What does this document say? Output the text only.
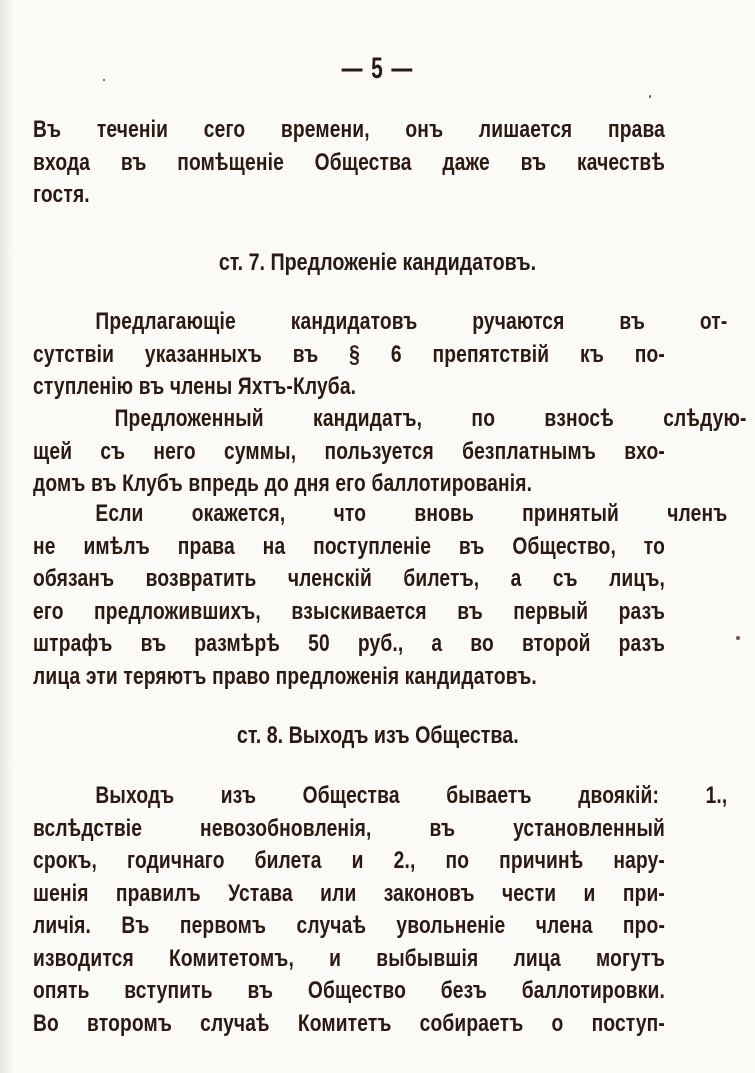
— 5 —
Въ теченіи сего времени, онъ лишается права
входа въ помѣщеніе Общества даже въ качествѣ
гостя.
ст. 7. Предложеніе кандидатовъ.
Предлагающіе кандидатовъ ручаются въ от-
сутствіи указанныхъ въ § 6 препятствій къ по-
ступленію въ члены Яхтъ-Клуба.
Предложенный кандидатъ, по взносѣ слѣдую-
щей съ него суммы, пользуется безплатнымъ вхо-
домъ въ Клубъ впредь до дня его баллотированія.
Если окажется, что вновь принятый членъ
не имѣлъ права на поступленіе въ Общество, то
обязанъ возвратить членскій билетъ, а съ лицъ,
его предложившихъ, взыскивается въ первый разъ
штрафъ въ размѣрѣ 50 руб., а во второй разъ
лица эти теряютъ право предложенія кандидатовъ.
ст. 8. Выходъ изъ Общества.
Выходъ изъ Общества бываетъ двоякій: 1.,
вслѣдствіе невозобновленія, въ установленный
срокъ, годичнаго билета и 2., по причинѣ нару-
шенія правилъ Устава или законовъ чести и при-
личія. Въ первомъ случаѣ увольненіе члена про-
изводится Комитетомъ, и выбывшія лица могутъ
опять вступить въ Общество безъ баллотировки.
Во второмъ случаѣ Комитетъ собираетъ о поступ-
